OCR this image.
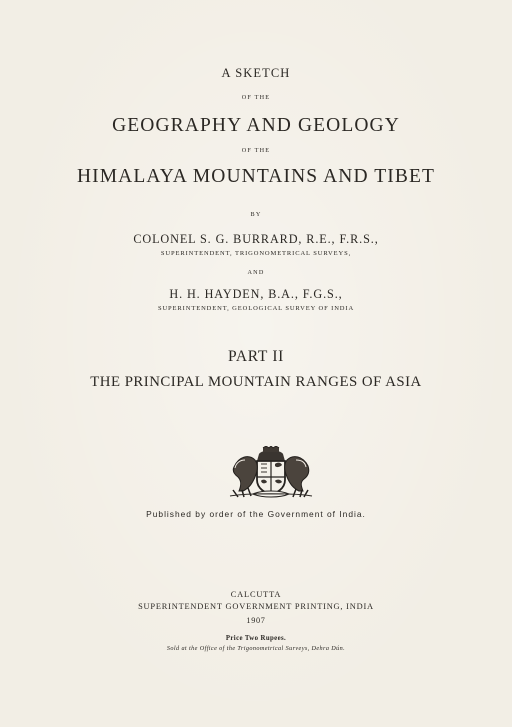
A SKETCH
OF THE
GEOGRAPHY AND GEOLOGY
OF THE
HIMALAYA MOUNTAINS AND TIBET
BY
COLONEL S. G. BURRARD, R.E., F.R.S.,
SUPERINTENDENT, TRIGONOMETRICAL SURVEYS,
AND
H. H. HAYDEN, B.A., F.G.S.,
SUPERINTENDENT, GEOLOGICAL SURVEY OF INDIA
PART II
THE PRINCIPAL MOUNTAIN RANGES OF ASIA
Published by order of the Government of India.
CALCUTTA
SUPERINTENDENT GOVERNMENT PRINTING, INDIA
1907
Price Two Rupees.
Sold at the Office of the Trigonometrical Surveys, Dehra Dún.
